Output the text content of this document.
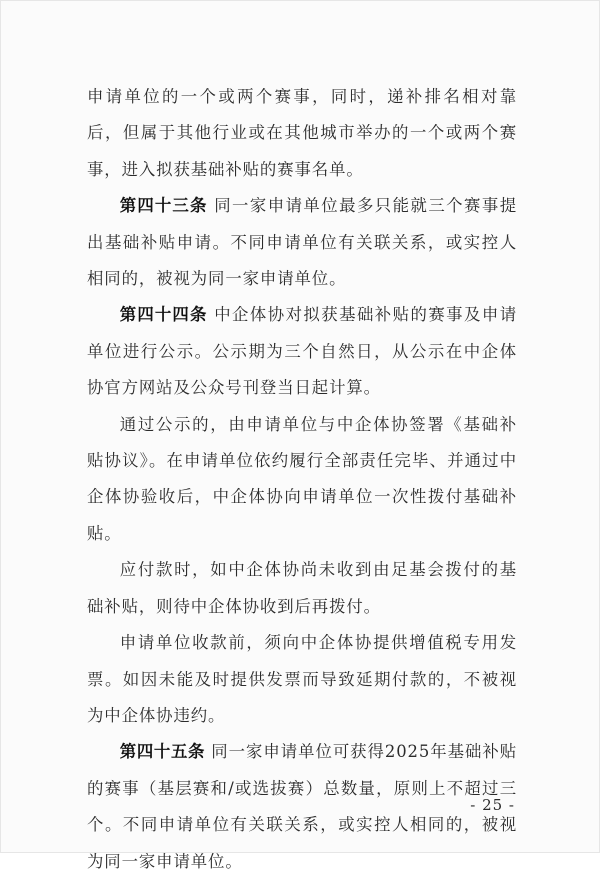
申请单位的一个或两个赛事，同时，递补排名相对靠后，但属于其他行业或在其他城市举办的一个或两个赛事，进入拟获基础补贴的赛事名单。

第四十三条 同一家申请单位最多只能就三个赛事提出基础补贴申请。不同申请单位有关联关系，或实控人相同的，被视为同一家申请单位。

第四十四条 中企体协对拟获基础补贴的赛事及申请单位进行公示。公示期为三个自然日，从公示在中企体协官方网站及公众号刊登当日起计算。

通过公示的，由申请单位与中企体协签署《基础补贴协议》。在申请单位依约履行全部责任完毕、并通过中企体协验收后，中企体协向申请单位一次性拨付基础补贴。

应付款时，如中企体协尚未收到由足基会拨付的基础补贴，则待中企体协收到后再拨付。

申请单位收款前，须向中企体协提供增值税专用发票。如因未能及时提供发票而导致延期付款的，不被视为中企体协违约。

第四十五条 同一家申请单位可获得2025年基础补贴的赛事（基层赛和/或选拔赛）总数量，原则上不超过三个。不同申请单位有关联关系，或实控人相同的，被视为同一家申请单位。

- 25 -
